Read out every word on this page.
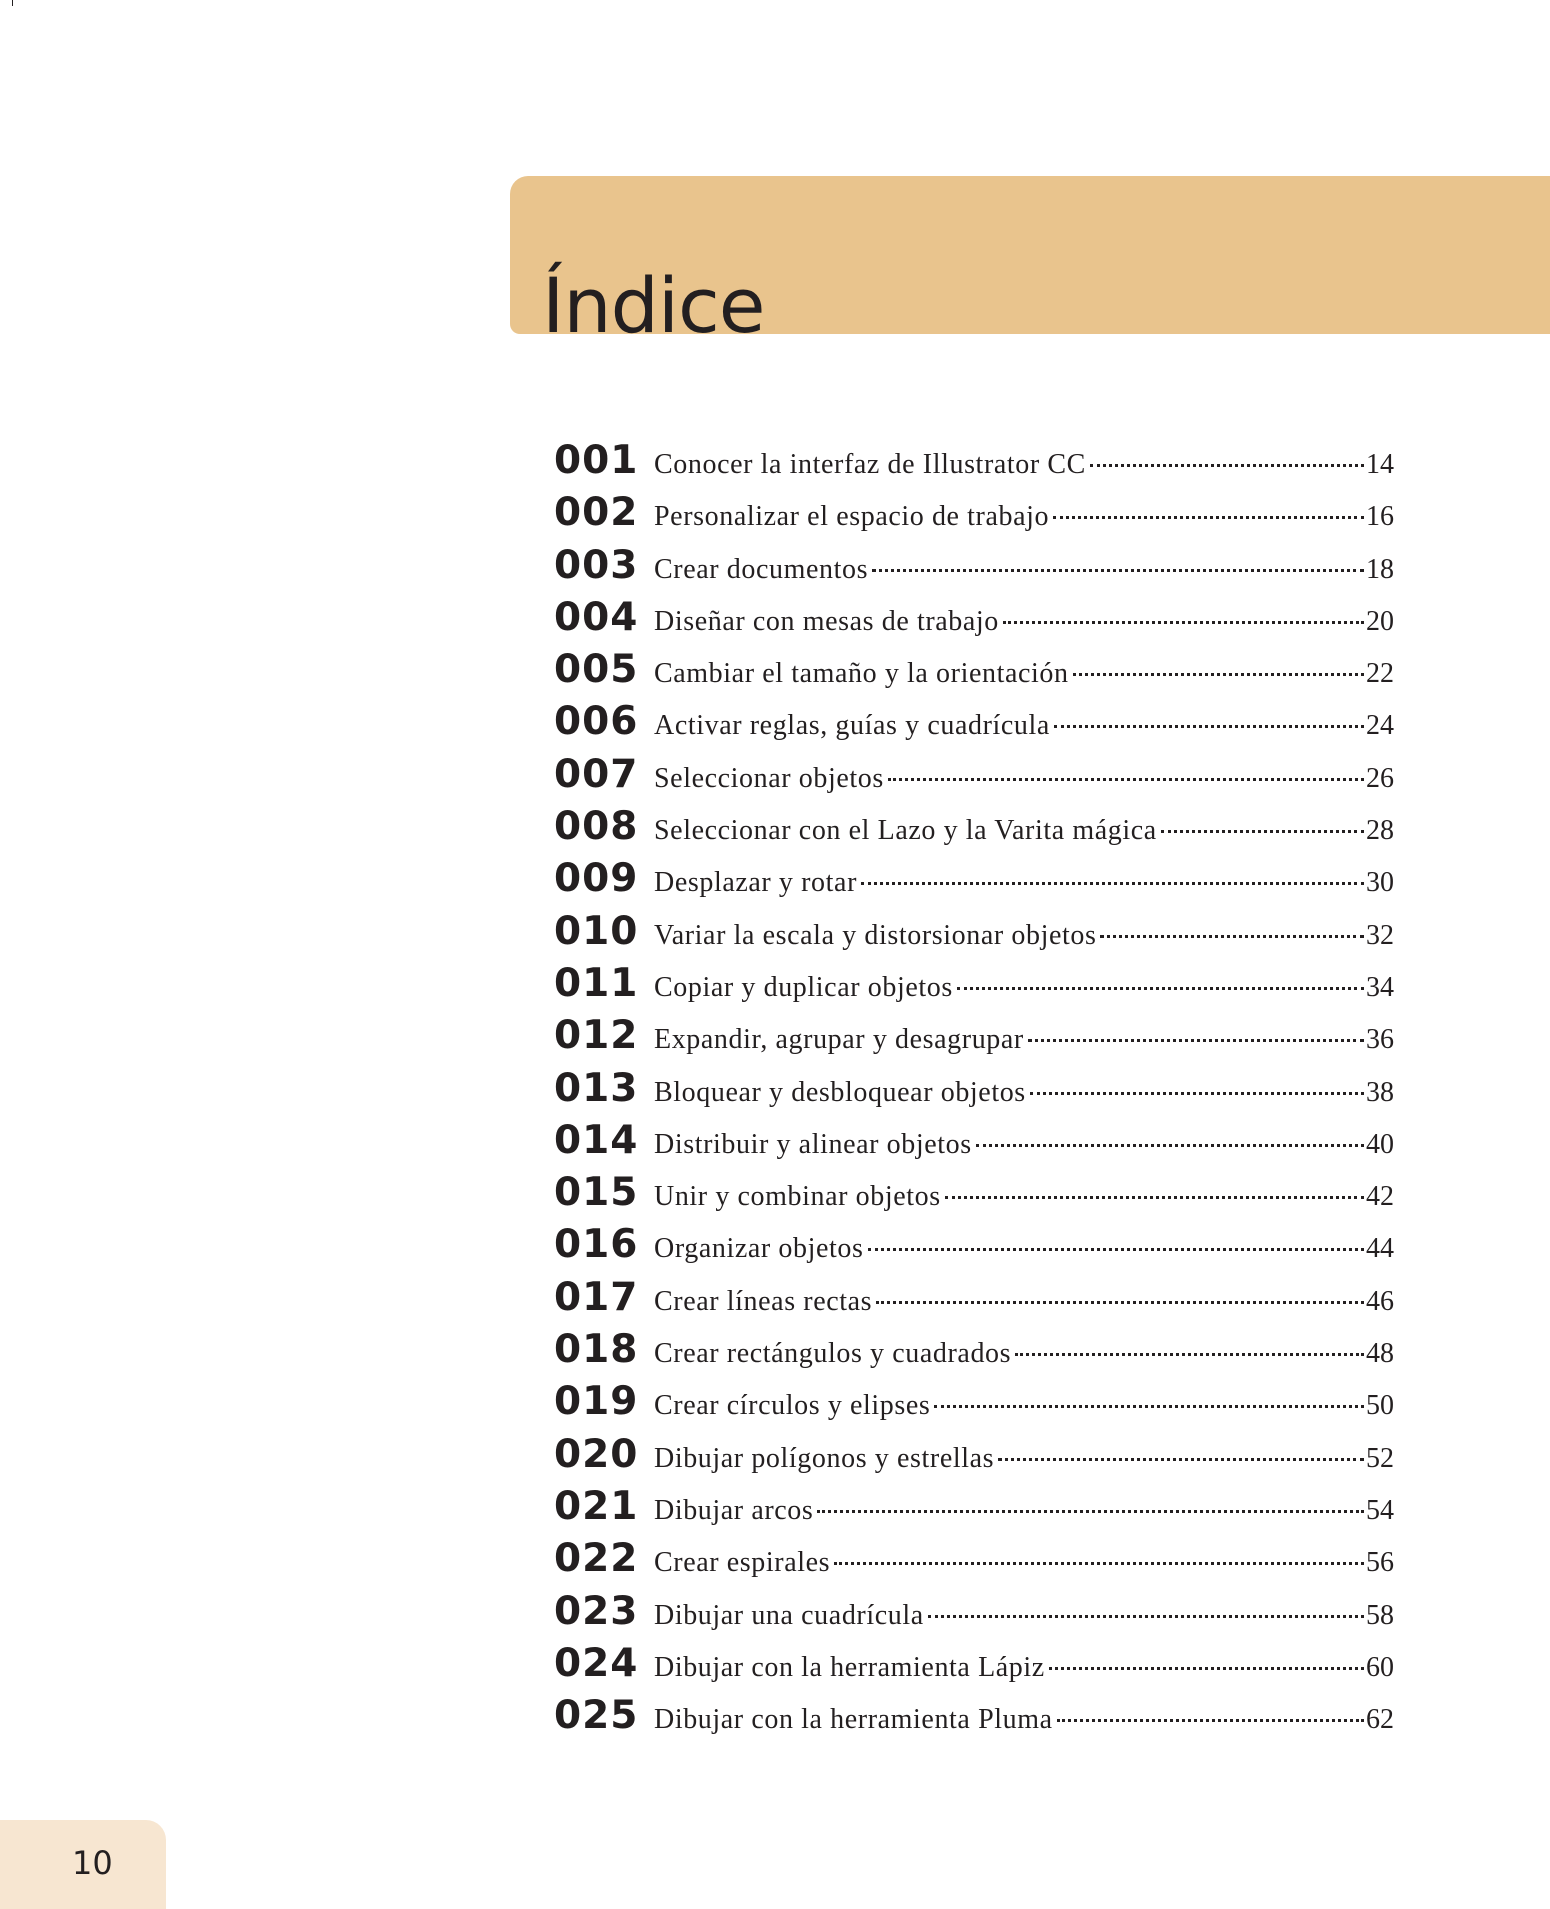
Índice
001 Conocer la interfaz de Illustrator CC	14
002 Personalizar el espacio de trabajo	16
003 Crear documentos	18
004 Diseñar con mesas de trabajo	20
005 Cambiar el tamaño y la orientación	22
006 Activar reglas, guías y cuadrícula	24
007 Seleccionar objetos	26
008 Seleccionar con el Lazo y la Varita mágica	28
009 Desplazar y rotar	30
010 Variar la escala y distorsionar objetos	32
011 Copiar y duplicar objetos	34
012 Expandir, agrupar y desagrupar	36
013 Bloquear y desbloquear objetos	38
014 Distribuir y alinear objetos	40
015 Unir y combinar objetos	42
016 Organizar objetos	44
017 Crear líneas rectas	46
018 Crear rectángulos y cuadrados	48
019 Crear círculos y elipses	50
020 Dibujar polígonos y estrellas	52
021 Dibujar arcos	54
022 Crear espirales	56
023 Dibujar una cuadrícula	58
024 Dibujar con la herramienta Lápiz	60
025 Dibujar con la herramienta Pluma	62
10
